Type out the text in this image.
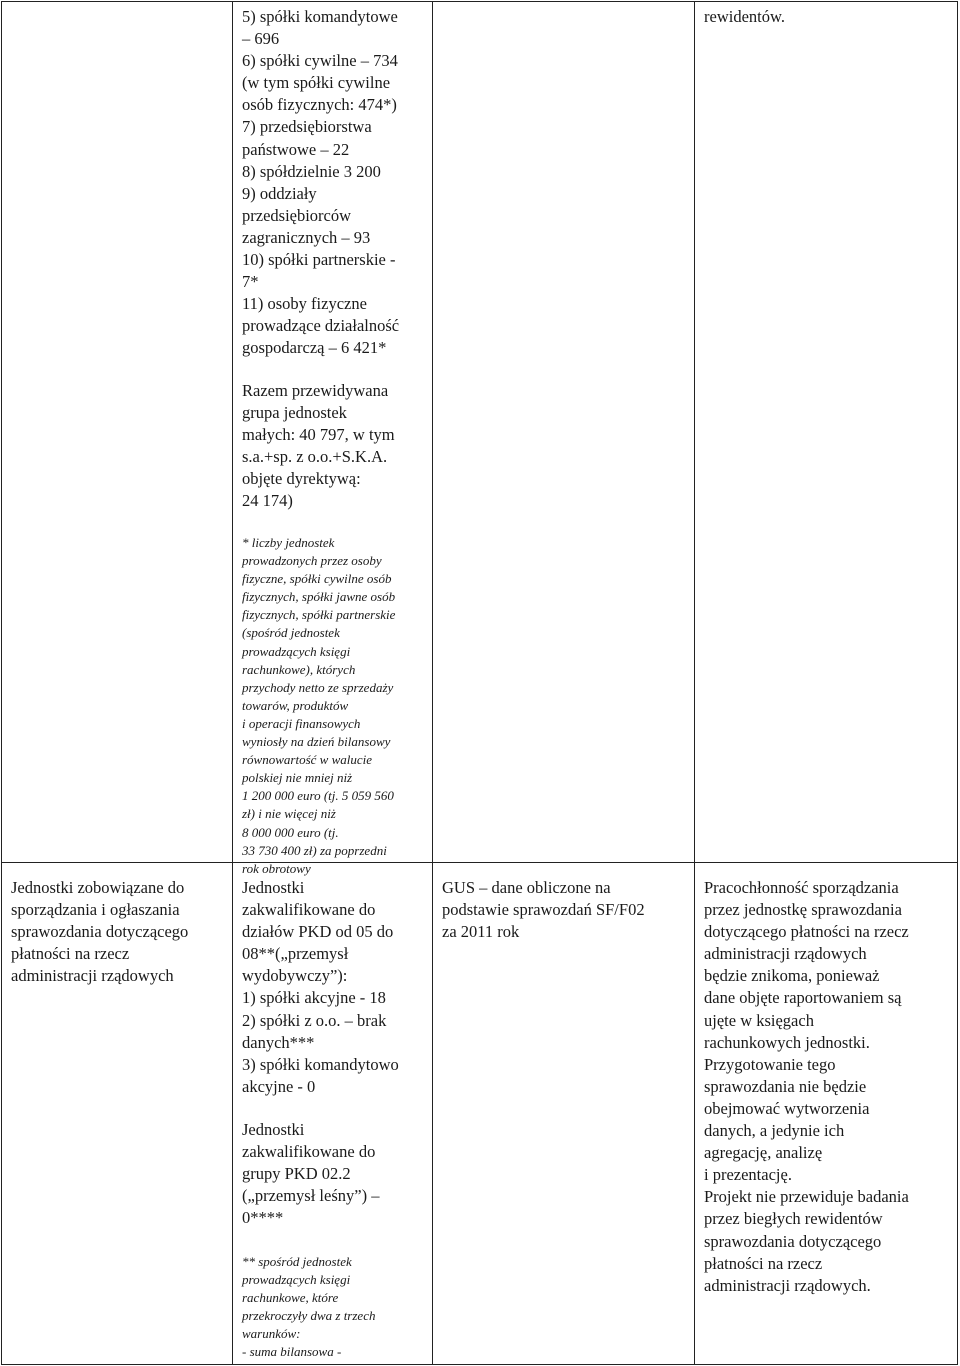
5) spółki komandytowe
– 696
6) spółki cywilne – 734
(w tym spółki cywilne
osób fizycznych: 474*)
7) przedsiębiorstwa
państwowe – 22
8) spółdzielnie 3 200
9) oddziały
przedsiębiorców
zagranicznych – 93
10) spółki partnerskie -
7*
11) osoby fizyczne
prowadzące działalność
gospodarczą – 6 421*
Razem przewidywana
grupa jednostek
małych: 40 797, w tym
s.a.+sp. z o.o.+S.K.A.
objęte dyrektywą:
24 174)
* liczby jednostek
prowadzonych przez osoby
fizyczne, spółki cywilne osób
fizycznych, spółki jawne osób
fizycznych, spółki partnerskie
(spośród jednostek
prowadzących księgi
rachunkowe), których
przychody netto ze sprzedaży
towarów, produktów
i operacji finansowych
wyniosły na dzień bilansowy
równowartość w walucie
polskiej nie mniej niż
1 200 000 euro (tj. 5 059 560
zł) i nie więcej niż
8 000 000 euro (tj.
33 730 400 zł) za poprzedni
rok obrotowy
rewidentów.
Jednostki zobowiązane do
sporządzania i ogłaszania
sprawozdania dotyczącego
płatności na rzecz
administracji rządowych
Jednostki
zakwalifikowane do
działów PKD od 05 do
08**(„przemysł
wydobywczy”):
1) spółki akcyjne - 18
2) spółki z o.o. – brak
danych***
3) spółki komandytowo
akcyjne - 0
Jednostki
zakwalifikowane do
grupy PKD 02.2
(„przemysł leśny”) –
0****
** spośród jednostek
prowadzących księgi
rachunkowe, które
przekroczyły dwa z trzech
warunków:
- suma bilansowa -
GUS – dane obliczone na
podstawie sprawozdań SF/F02
za 2011 rok
Pracochłonność sporządzania
przez jednostkę sprawozdania
dotyczącego płatności na rzecz
administracji rządowych
będzie znikoma, ponieważ
dane objęte raportowaniem są
ujęte w księgach
rachunkowych jednostki.
Przygotowanie tego
sprawozdania nie będzie
obejmować wytworzenia
danych, a jedynie ich
agregację, analizę
i prezentację.
Projekt nie przewiduje badania
przez biegłych rewidentów
sprawozdania dotyczącego
płatności na rzecz
administracji rządowych.
